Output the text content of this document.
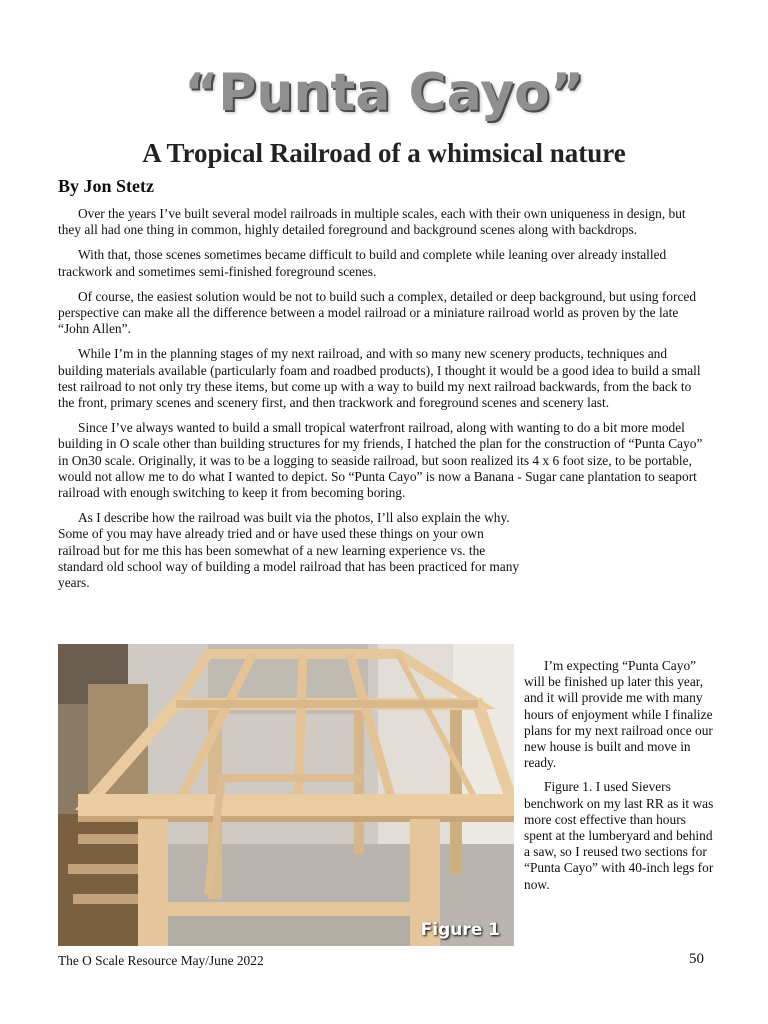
“Punta Cayo”
A Tropical Railroad of a whimsical nature
By Jon Stetz

Over the years I’ve built several model railroads in multiple scales, each with their own uniqueness in design, but they all had one thing in common, highly detailed foreground and background scenes along with backdrops.

With that, those scenes sometimes became difficult to build and complete while leaning over already installed trackwork and sometimes semi-finished foreground scenes.

Of course, the easiest solution would be not to build such a complex, detailed or deep background, but using forced perspective can make all the difference between a model railroad or a miniature railroad world as proven by the late “John Allen”.

While I’m in the planning stages of my next railroad, and with so many new scenery products, techniques and building materials available (particularly foam and roadbed products), I thought it would be a good idea to build a small test railroad to not only try these items, but come up with a way to build my next railroad backwards, from the back to the front, primary scenes and scenery first, and then trackwork and foreground scenes and scenery last.

Since I’ve always wanted to build a small tropical waterfront railroad, along with wanting to do a bit more model building in O scale other than building structures for my friends, I hatched the plan for the construction of “Punta Cayo” in On30 scale. Originally, it was to be a logging to seaside railroad, but soon realized its 4 x 6 foot size, to be portable, would not allow me to do what I wanted to depict. So “Punta Cayo” is now a Banana - Sugar cane plantation to seaport railroad with enough switching to keep it from becoming boring.

As I describe how the railroad was built via the photos, I’ll also explain the why. Some of you may have already tried and or have used these things on your own railroad but for me this has been somewhat of a new learning experience vs. the standard old school way of building a model railroad that has been practiced for many years.

Figure 1

I’m expecting “Punta Cayo” will be finished up later this year, and it will provide me with many hours of enjoyment while I finalize plans for my next railroad once our new house is built and move in ready.

Figure 1. I used Sievers benchwork on my last RR as it was more cost effective than hours spent at the lumberyard and behind a saw, so I reused two sections for “Punta Cayo” with 40-inch legs for now.

The O Scale Resource May/June 2022	50
